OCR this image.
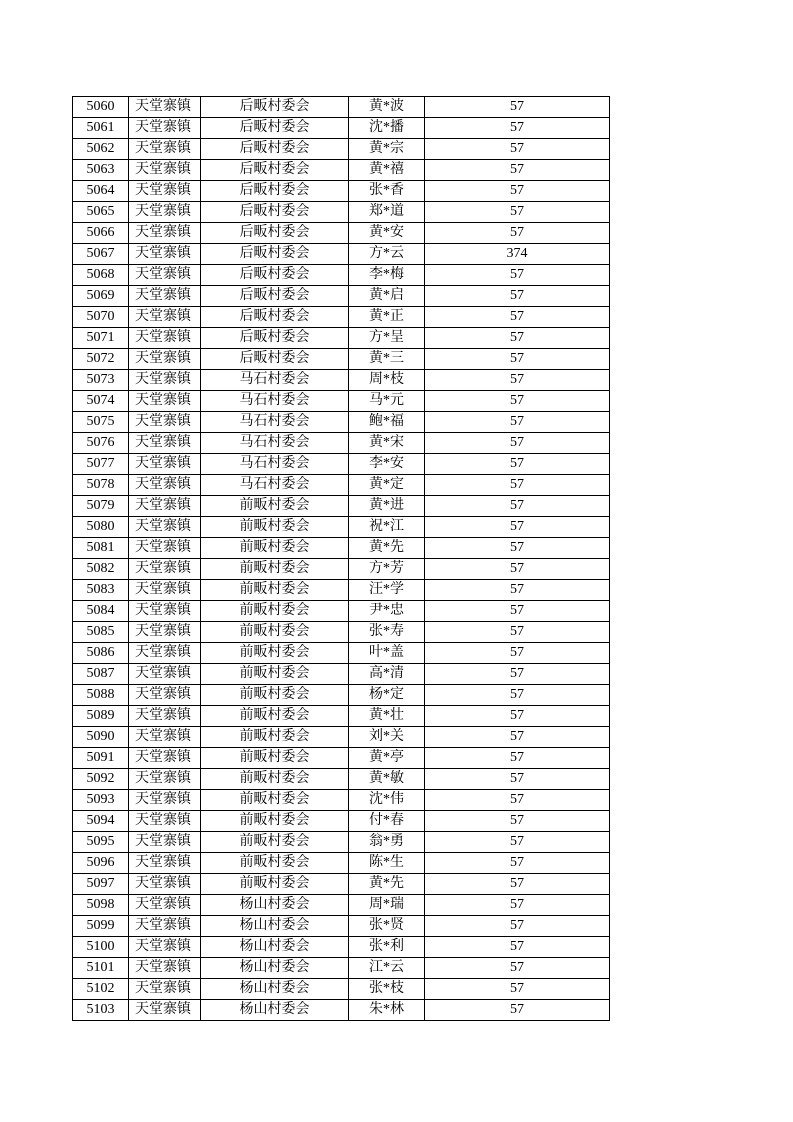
5060	天堂寨镇	后畈村委会	黄*波	57
5061	天堂寨镇	后畈村委会	沈*播	57
5062	天堂寨镇	后畈村委会	黄*宗	57
5063	天堂寨镇	后畈村委会	黄*禧	57
5064	天堂寨镇	后畈村委会	张*香	57
5065	天堂寨镇	后畈村委会	郑*道	57
5066	天堂寨镇	后畈村委会	黄*安	57
5067	天堂寨镇	后畈村委会	方*云	374
5068	天堂寨镇	后畈村委会	李*梅	57
5069	天堂寨镇	后畈村委会	黄*启	57
5070	天堂寨镇	后畈村委会	黄*正	57
5071	天堂寨镇	后畈村委会	方*呈	57
5072	天堂寨镇	后畈村委会	黄*三	57
5073	天堂寨镇	马石村委会	周*枝	57
5074	天堂寨镇	马石村委会	马*元	57
5075	天堂寨镇	马石村委会	鲍*福	57
5076	天堂寨镇	马石村委会	黄*宋	57
5077	天堂寨镇	马石村委会	李*安	57
5078	天堂寨镇	马石村委会	黄*定	57
5079	天堂寨镇	前畈村委会	黄*进	57
5080	天堂寨镇	前畈村委会	祝*江	57
5081	天堂寨镇	前畈村委会	黄*先	57
5082	天堂寨镇	前畈村委会	方*芳	57
5083	天堂寨镇	前畈村委会	汪*学	57
5084	天堂寨镇	前畈村委会	尹*忠	57
5085	天堂寨镇	前畈村委会	张*寿	57
5086	天堂寨镇	前畈村委会	叶*盖	57
5087	天堂寨镇	前畈村委会	高*清	57
5088	天堂寨镇	前畈村委会	杨*定	57
5089	天堂寨镇	前畈村委会	黄*壮	57
5090	天堂寨镇	前畈村委会	刘*关	57
5091	天堂寨镇	前畈村委会	黄*亭	57
5092	天堂寨镇	前畈村委会	黄*敏	57
5093	天堂寨镇	前畈村委会	沈*伟	57
5094	天堂寨镇	前畈村委会	付*春	57
5095	天堂寨镇	前畈村委会	翁*勇	57
5096	天堂寨镇	前畈村委会	陈*生	57
5097	天堂寨镇	前畈村委会	黄*先	57
5098	天堂寨镇	杨山村委会	周*瑞	57
5099	天堂寨镇	杨山村委会	张*贤	57
5100	天堂寨镇	杨山村委会	张*利	57
5101	天堂寨镇	杨山村委会	江*云	57
5102	天堂寨镇	杨山村委会	张*枝	57
5103	天堂寨镇	杨山村委会	朱*林	57
